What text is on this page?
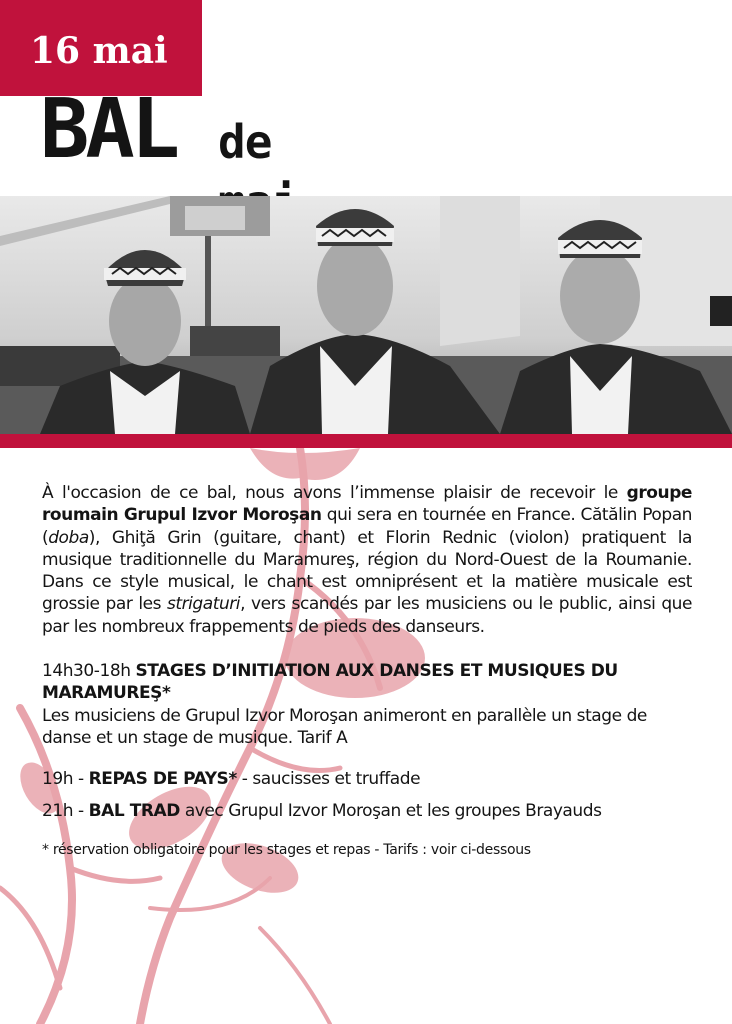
16 mai
BAL de

À l'occasion de ce bal, nous avons l’immense plaisir de recevoir le groupe roumain Grupul Izvor Moroşan qui sera en tournée en France. Cătălin Popan (doba), Ghiţă Grin (guitare, chant) et Florin Rednic (violon) pratiquent la musique traditionnelle du Maramureş, région du Nord-Ouest de la Roumanie. Dans ce style musical, le chant est omniprésent et la matière musicale est grossie par les strigaturi, vers scandés par les musiciens ou le public, ainsi que par les nombreux frappements de pieds des danseurs.

14h30-18h STAGES D’INITIATION AUX DANSES ET MUSIQUES DU MARAMUREŞ*
Les musiciens de Grupul Izvor Moroşan animeront en parallèle un stage de danse et un stage de musique. Tarif A

19h - REPAS DE PAYS* - saucisses et truffade

21h - BAL TRAD avec Grupul Izvor Moroşan et les groupes Brayauds

* réservation obligatoire pour les stages et repas - Tarifs : voir ci-dessous
